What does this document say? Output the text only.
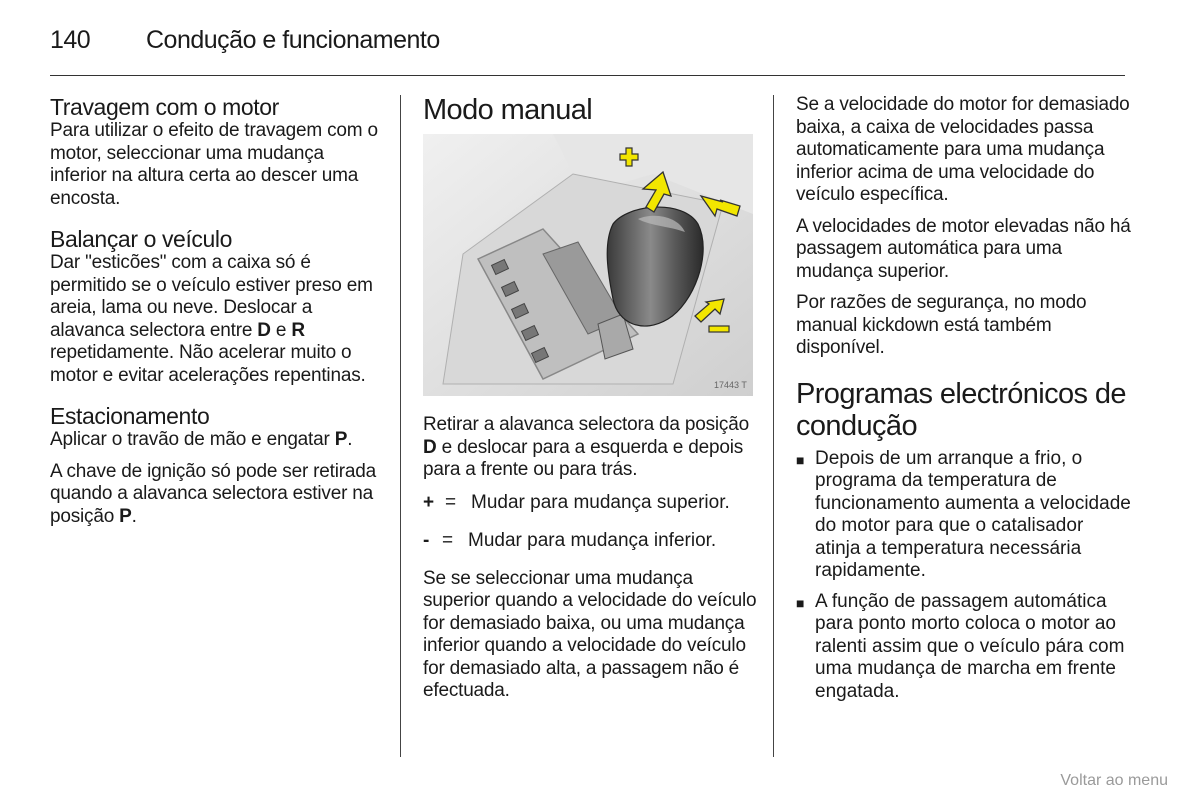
140 Condução e funcionamento
Travagem com o motor

Para utilizar o efeito de travagem com o motor, seleccionar uma mudança inferior na altura certa ao descer uma encosta.

Balançar o veículo

Dar "esticões" com a caixa só é permitido se o veículo estiver preso em areia, lama ou neve. Deslocar a alavanca selectora entre D e R repetidamente. Não acelerar muito o motor e evitar acelerações repentinas.

Estacionamento

Aplicar o travão de mão e engatar P.

A chave de ignição só pode ser retirada quando a alavanca selectora estiver na posição P.

Modo manual
17443 T

Retirar a alavanca selectora da posição D e deslocar para a esquerda e depois para a frente ou para trás.

+ = Mudar para mudança superior.
- = Mudar para mudança inferior.

Se se seleccionar uma mudança superior quando a velocidade do veículo for demasiado baixa, ou uma mudança inferior quando a velocidade do veículo for demasiado alta, a passagem não é efectuada.

Se a velocidade do motor for demasiado baixa, a caixa de velocidades passa automaticamente para uma mudança inferior acima de uma velocidade do veículo específica.

A velocidades de motor elevadas não há passagem automática para uma mudança superior.

Por razões de segurança, no modo manual kickdown está também disponível.

Programas electrónicos de condução
■ Depois de um arranque a frio, o programa da temperatura de funcionamento aumenta a velocidade do motor para que o catalisador atinja a temperatura necessária rapidamente.
■ A função de passagem automática para ponto morto coloca o motor ao ralenti assim que o veículo pára com uma mudança de marcha em frente engatada.
Voltar ao menu
